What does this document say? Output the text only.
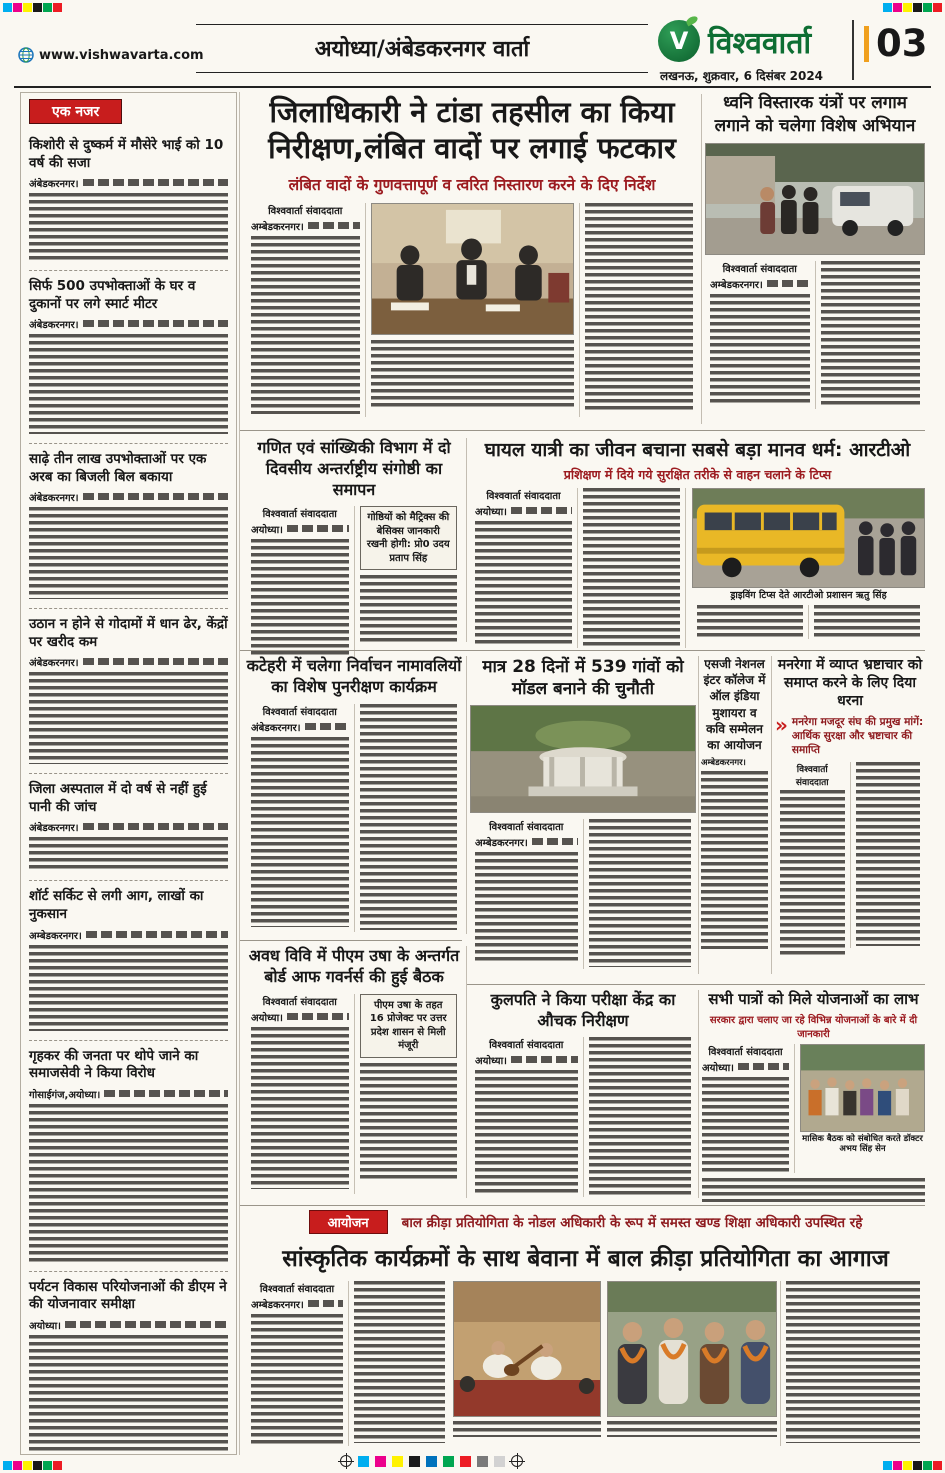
www.vishwavarta.com	अयोध्या/अंबेडकरनगर वार्ता	V विश्ववार्ता
लखनऊ, शुक्रवार, 6 दिसंबर 2024
03
एक नजर
किशोरी से दुष्कर्म में मौसेरे भाई को 10 वर्ष की सजा
अंबेडकरनगर।
सिर्फ 500 उपभोक्ताओं के घर व दुकानों पर लगे स्मार्ट मीटर
अंबेडकरनगर।
साढ़े तीन लाख उपभोक्ताओं पर एक अरब का बिजली बिल बकाया
अंबेडकरनगर।
उठान न होने से गोदामों में धान ढेर, केंद्रों पर खरीद कम
अंबेडकरनगर।
जिला अस्पताल में दो वर्ष से नहीं हुई पानी की जांच
अंबेडकरनगर।
शॉर्ट सर्किट से लगी आग, लाखों का नुकसान
अम्बेडकरनगर।
गृहकर की जनता पर थोपे जाने का समाजसेवी ने किया विरोध
गोसाईगंज,अयोध्या।
पर्यटन विकास परियोजनाओं की डीएम ने की योजनावार समीक्षा
अयोध्या।
जिलाधिकारी ने टांडा तहसील का किया
निरीक्षण,लंबित वादों पर लगाई फटकार
लंबित वादों के गुणवत्तापूर्ण व त्वरित निस्तारण करने के दिए निर्देश
विश्ववार्ता संवाददाता
अम्बेडकरनगर।
ध्वनि विस्तारक यंत्रों पर लगाम लगाने को चलेगा विशेष अभियान
विश्ववार्ता संवाददाता
अम्बेडकरनगर।
गणित एवं सांख्यिकी विभाग में दो दिवसीय अन्तर्राष्ट्रीय संगोष्ठी का समापन
विश्ववार्ता संवाददाता
अयोध्या।
गोष्ठियों को मैट्रिक्स की बेसिक्स जानकारी रखनी होगी: प्रो0 उदय प्रताप सिंह
घायल यात्री का जीवन बचाना सबसे बड़ा मानव धर्म: आरटीओ
प्रशिक्षण में दिये गये सुरक्षित तरीके से वाहन चलाने के टिप्स
विश्ववार्ता संवाददाता
अयोध्या।
ड्राइविंग टिप्स देते आरटीओ प्रशासन ऋतु सिंह
कटेहरी में चलेगा निर्वाचन नामावलियों का विशेष पुनरीक्षण कार्यक्रम
विश्ववार्ता संवाददाता
अंबेडकरनगर।
मात्र 28 दिनों में 539 गांवों को मॉडल बनाने की चुनौती
विश्ववार्ता संवाददाता
अम्बेडकरनगर।
एसजी नेशनल इंटर कॉलेज में ऑल इंडिया मुशायरा व कवि सम्मेलन का आयोजन
अम्बेडकरनगर।
मनरेगा में व्याप्त भ्रष्टाचार को समाप्त करने के लिए दिया धरना
» मनरेगा मजदूर संघ की प्रमुख मांगें: आर्थिक सुरक्षा और भ्रष्टाचार की समाप्ति
विश्ववार्ता संवाददाता
अवध विवि में पीएम उषा के अन्तर्गत बोर्ड आफ गवर्नर्स की हुई बैठक
विश्ववार्ता संवाददाता
अयोध्या।
पीएम उषा के तहत 16 प्रोजेक्ट पर उत्तर प्रदेश शासन से मिली मंजूरी
कुलपति ने किया परीक्षा केंद्र का औचक निरीक्षण
विश्ववार्ता संवाददाता
अयोध्या।
सभी पात्रों को मिले योजनाओं का लाभ
सरकार द्वारा चलाए जा रहे विभिन्न योजनाओं के बारे में दी जानकारी
विश्ववार्ता संवाददाता
अयोध्या।
मासिक बैठक को संबोधित करते डॉक्टर अभय सिंह सेन
आयोजन	बाल क्रीड़ा प्रतियोगिता के नोडल अधिकारी के रूप में समस्त खण्ड शिक्षा अधिकारी उपस्थित रहे
सांस्कृतिक कार्यक्रमों के साथ बेवाना में बाल क्रीड़ा प्रतियोगिता का आगाज
विश्ववार्ता संवाददाता
अम्बेडकरनगर।
